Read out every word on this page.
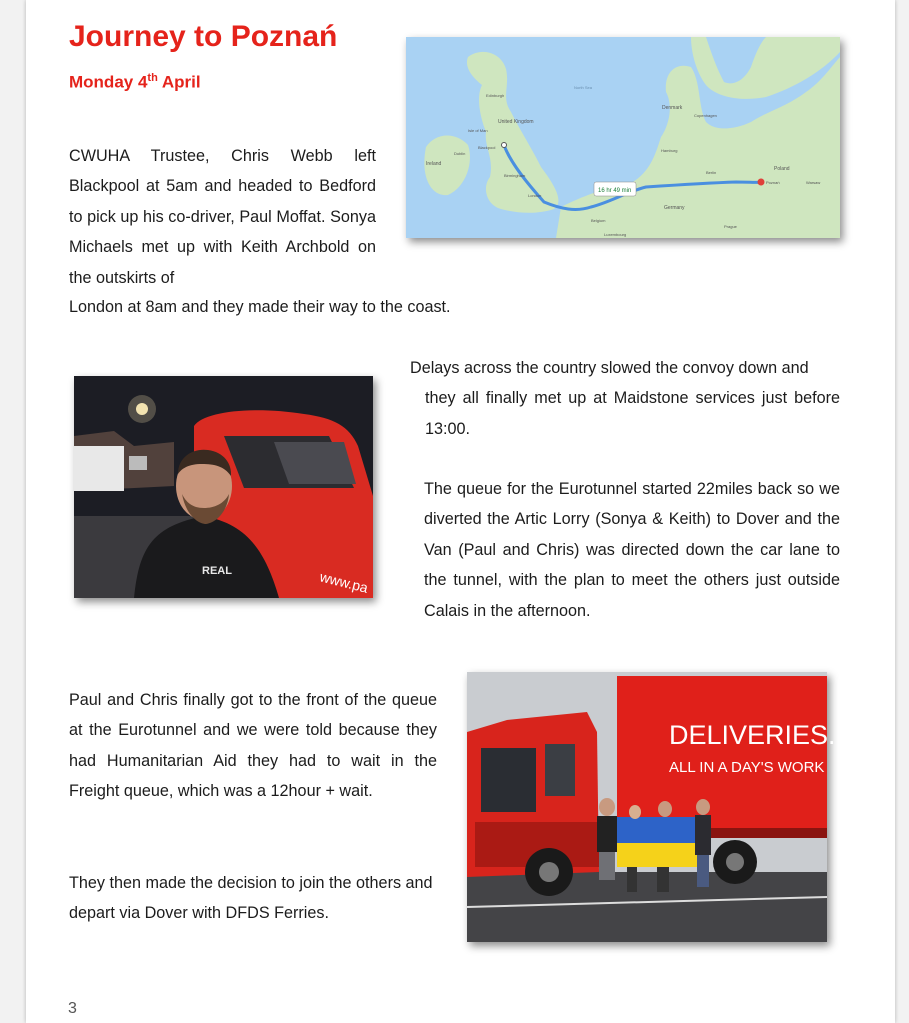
Journey to Poznań
Monday 4th April
16 hr 49 min
United Kingdom
Ireland
Isle of Man
Edinburgh
Dublin
Blackpool
Birmingham
London
Denmark
Copenhagen
Hamburg
Berlin
Poland
Poznań	Warsaw
Germany
Belgium
Luxembourg
Prague
North Sea

CWUHA Trustee, Chris Webb left Blackpool at 5am and headed to Bedford to pick up his co-driver, Paul Moffat. Sonya Michaels met up with Keith Archbold on the outskirts of

London at 8am and they made their way to the coast.
REAL	www.pa

Delays across the country slowed the convoy down and
they all finally met up at Maidstone services just before 13:00.

The queue for the Eurotunnel started 22miles back so we diverted the Artic Lorry (Sonya & Keith) to Dover and the Van (Paul and Chris) was directed down the car lane to the tunnel, with the plan to meet the others just outside Calais in the afternoon.

Paul and Chris finally got to the front of the queue at the Eurotunnel and we were told because they had Humanitarian Aid they had to wait in the Freight queue, which was a 12hour + wait.

They then made the decision to join the others and depart via Dover with DFDS Ferries.

DELIVERIES. U
ALL IN A DAY'S WORK
3
